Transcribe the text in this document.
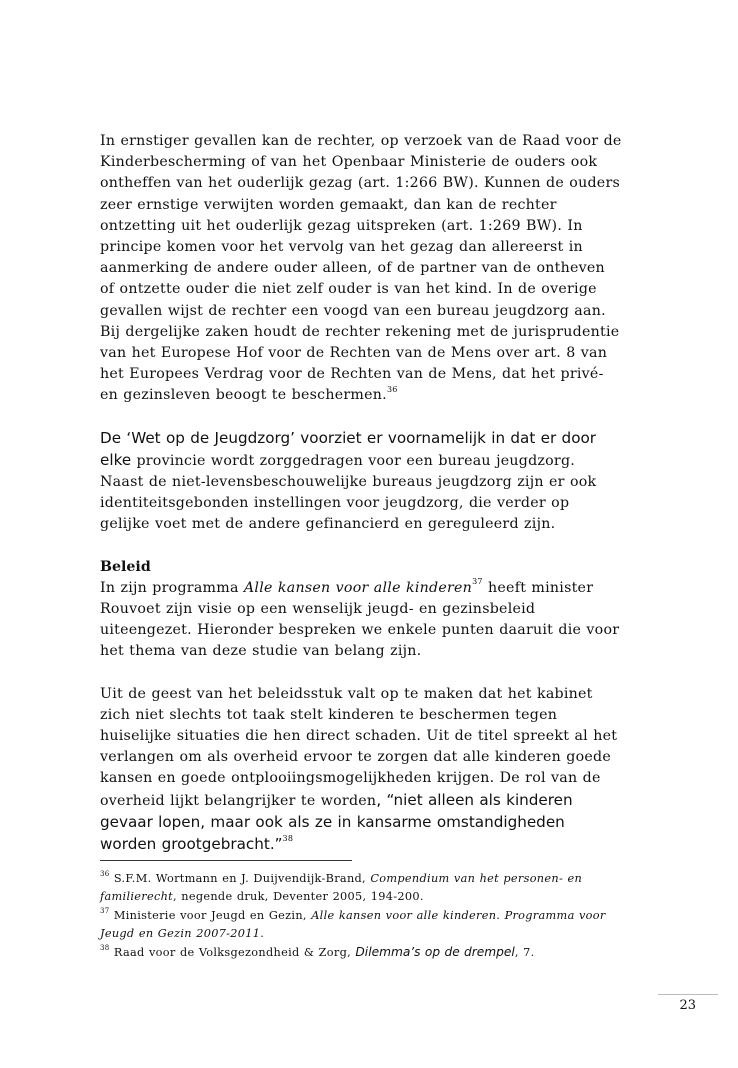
In ernstiger gevallen kan de rechter, op verzoek van de Raad voor de Kinderbescherming of van het Openbaar Ministerie de ouders ook ontheffen van het ouderlijk gezag (art. 1:266 BW). Kunnen de ouders zeer ernstige verwijten worden gemaakt, dan kan de rechter ontzetting uit het ouderlijk gezag uitspreken (art. 1:269 BW). In principe komen voor het vervolg van het gezag dan allereerst in aanmerking de andere ouder alleen, of de partner van de ontheven of ontzette ouder die niet zelf ouder is van het kind. In de overige gevallen wijst de rechter een voogd van een bureau jeugdzorg aan. Bij dergelijke zaken houdt de rechter rekening met de jurisprudentie van het Europese Hof voor de Rechten van de Mens over art. 8 van het Europees Verdrag voor de Rechten van de Mens, dat het privé- en gezinsleven beoogt te beschermen.$^{36}$

De ‘Wet op de Jeugdzorg’ voorziet er voornamelijk in dat er door elke provincie wordt zorggedragen voor een bureau jeugdzorg. Naast de niet-levensbeschouwelijke bureaus jeugdzorg zijn er ook identiteitsgebonden instellingen voor jeugdzorg, die verder op gelijke voet met de andere gefinancierd en gereguleerd zijn.

Beleid

In zijn programma Alle kansen voor alle kinderen$^{37}$ heeft minister Rouvoet zijn visie op een wenselijk jeugd- en gezinsbeleid uiteengezet. Hieronder bespreken we enkele punten daaruit die voor het thema van deze studie van belang zijn.

Uit de geest van het beleidsstuk valt op te maken dat het kabinet zich niet slechts tot taak stelt kinderen te beschermen tegen huiselijke situaties die hen direct schaden. Uit de titel spreekt al het verlangen om als overheid ervoor te zorgen dat alle kinderen goede kansen en goede ontplooiingsmogelijkheden krijgen. De rol van de overheid lijkt belangrijker te worden, “niet alleen als kinderen gevaar lopen, maar ook als ze in kansarme omstandigheden worden grootgebracht.”$^{38}$

$^{36}$ S.F.M. Wortmann en J. Duijvendijk-Brand, Compendium van het personen- en familierecht, negende druk, Deventer 2005, 194-200.

$^{37}$ Ministerie voor Jeugd en Gezin, Alle kansen voor alle kinderen. Programma voor Jeugd en Gezin 2007-2011.

$^{38}$ Raad voor de Volksgezondheid & Zorg, Dilemma’s op de drempel, 7.

23
